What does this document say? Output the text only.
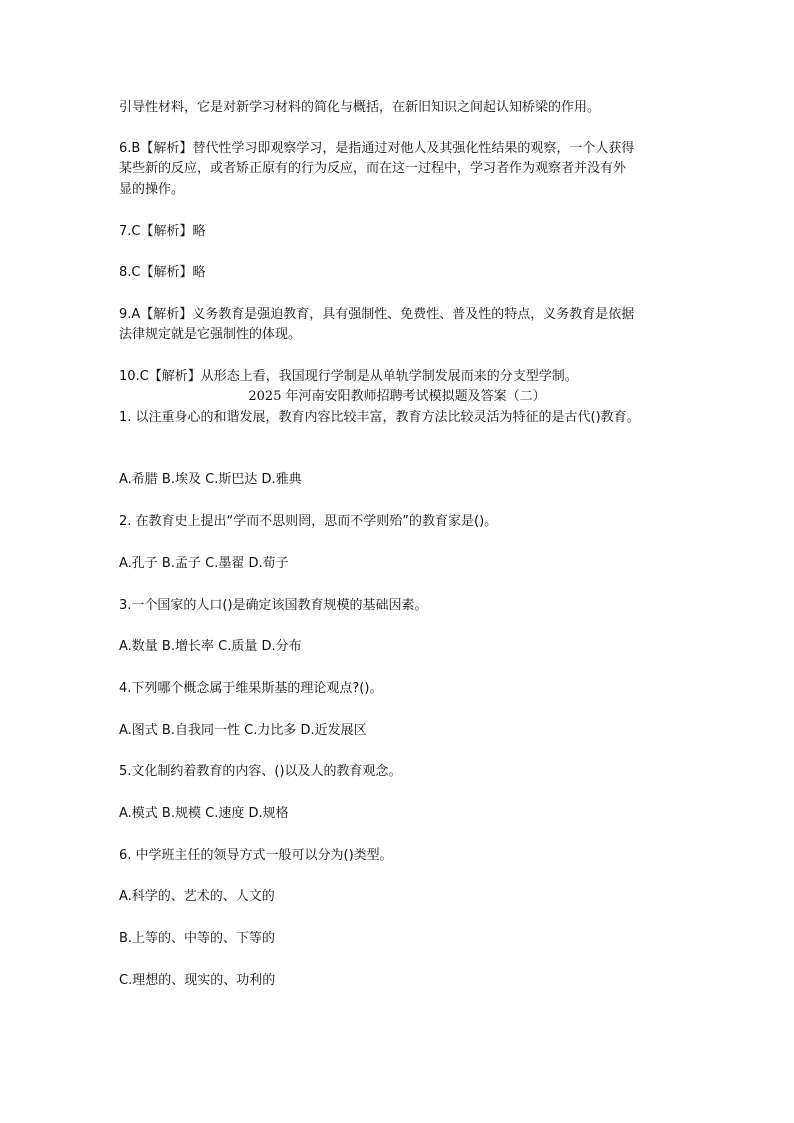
引导性材料，它是对新学习材料的简化与概括，在新旧知识之间起认知桥梁的作用。

6.B【解析】替代性学习即观察学习，是指通过对他人及其强化性结果的观察，一个人获得

某些新的反应，或者矫正原有的行为反应，而在这一过程中，学习者作为观察者并没有外

显的操作。

7.C【解析】略

8.C【解析】略

9.A【解析】义务教育是强迫教育，具有强制性、免费性、普及性的特点，义务教育是依据

法律规定就是它强制性的体现。

10.C【解析】从形态上看，我国现行学制是从单轨学制发展而来的分支型学制。

2025 年河南安阳教师招聘考试模拟题及答案（二）

1. 以注重身心的和谐发展，教育内容比较丰富，教育方法比较灵活为特征的是古代()教育。

A.希腊 B.埃及 C.斯巴达 D.雅典

2. 在教育史上提出“学而不思则罔，思而不学则殆”的教育家是()。

A.孔子 B.孟子 C.墨翟 D.荀子

3.一个国家的人口()是确定该国教育规模的基础因素。

A.数量 B.增长率 C.质量 D.分布

4.下列哪个概念属于维果斯基的理论观点?()。

A.图式 B.自我同一性 C.力比多 D.近发展区

5.文化制约着教育的内容、()以及人的教育观念。

A.模式 B.规模 C.速度 D.规格

6. 中学班主任的领导方式一般可以分为()类型。

A.科学的、艺术的、人文的

B.上等的、中等的、下等的

C.理想的、现实的、功利的
